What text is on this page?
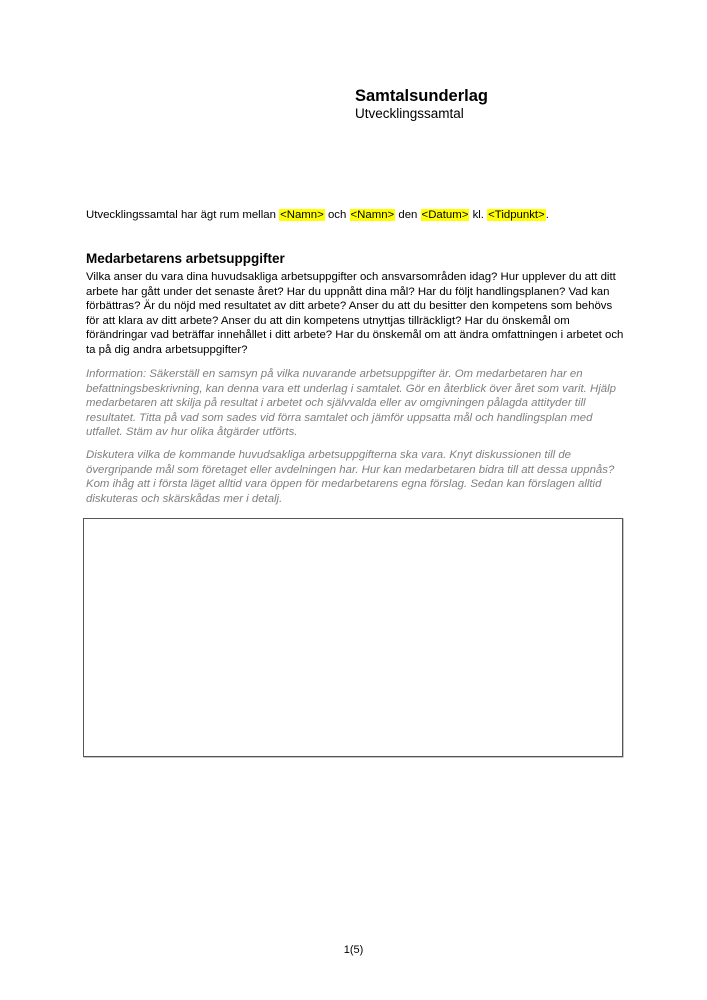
Samtalsunderlag

Utvecklingssamtal

Utvecklingssamtal har ägt rum mellan <Namn> och <Namn> den <Datum> kl. <Tidpunkt>.
Medarbetarens arbetsuppgifter

Vilka anser du vara dina huvudsakliga arbetsuppgifter och ansvarsområden idag? Hur upplever du att ditt arbete har gått under det senaste året? Har du uppnått dina mål? Har du följt handlingsplanen? Vad kan förbättras? Är du nöjd med resultatet av ditt arbete? Anser du att du besitter den kompetens som behövs för att klara av ditt arbete? Anser du att din kompetens utnyttjas tillräckligt? Har du önskemål om förändringar vad beträffar innehållet i ditt arbete? Har du önskemål om att ändra omfattningen i arbetet och ta på dig andra arbetsuppgifter?

Information: Säkerställ en samsyn på vilka nuvarande arbetsuppgifter är. Om medarbetaren har en befattningsbeskrivning, kan denna vara ett underlag i samtalet. Gör en återblick över året som varit. Hjälp medarbetaren att skilja på resultat i arbetet och självvalda eller av omgivningen pålagda attityder till resultatet. Titta på vad som sades vid förra samtalet och jämför uppsatta mål och handlingsplan med utfallet. Stäm av hur olika åtgärder utförts.

Diskutera vilka de kommande huvudsakliga arbetsuppgifterna ska vara. Knyt diskussionen till de övergripande mål som företaget eller avdelningen har. Hur kan medarbetaren bidra till att dessa uppnås? Kom ihåg att i första läget alltid vara öppen för medarbetarens egna förslag. Sedan kan förslagen alltid diskuteras och skärskådas mer i detalj.

1(5)
